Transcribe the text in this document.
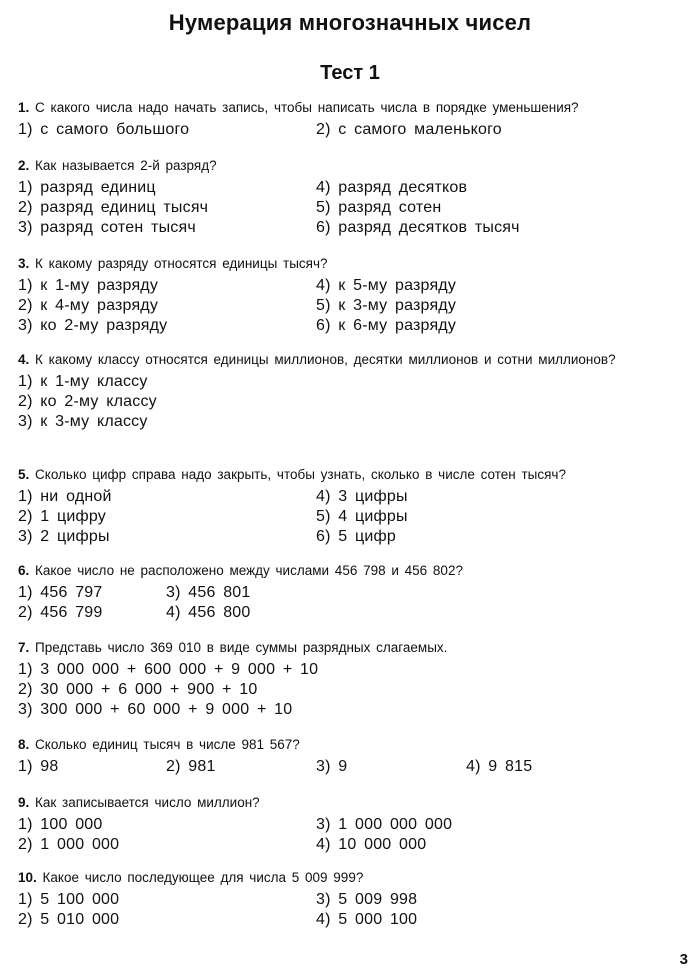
Нумерация многозначных чисел
Тест 1
1. С какого числа надо начать запись, чтобы написать числа в порядке уменьшения?
1) с самого большого	2) с самого маленького
2. Как называется 2-й разряд?
1) разряд единиц
2) разряд единиц тысяч
3) разряд сотен тысяч
4) разряд десятков
5) разряд сотен
6) разряд десятков тысяч
3. К какому разряду относятся единицы тысяч?
1) к 1-му разряду
2) к 4-му разряду
3) ко 2-му разряду
4) к 5-му разряду
5) к 3-му разряду
6) к 6-му разряду
4. К какому классу относятся единицы миллионов, десятки миллионов и сотни миллионов?
1) к 1-му классу
2) ко 2-му классу
3) к 3-му классу
5. Сколько цифр справа надо закрыть, чтобы узнать, сколько в числе сотен тысяч?
1) ни одной
2) 1 цифру
3) 2 цифры
4) 3 цифры
5) 4 цифры
6) 5 цифр
6. Какое число не расположено между числами 456 798 и 456 802?
1) 456 797
2) 456 799
3) 456 801
4) 456 800
7. Представь число 369 010 в виде суммы разрядных слагаемых.
1) 3 000 000 + 600 000 + 9 000 + 10
2) 30 000 + 6 000 + 900 + 10
3) 300 000 + 60 000 + 9 000 + 10
8. Сколько единиц тысяч в числе 981 567?
1) 98	2) 981	3) 9	4) 9 815
9. Как записывается число миллион?
1) 100 000
2) 1 000 000
3) 1 000 000 000
4) 10 000 000
10. Какое число последующее для числа 5 009 999?
1) 5 100 000
2) 5 010 000
3) 5 009 998
4) 5 000 100
3
